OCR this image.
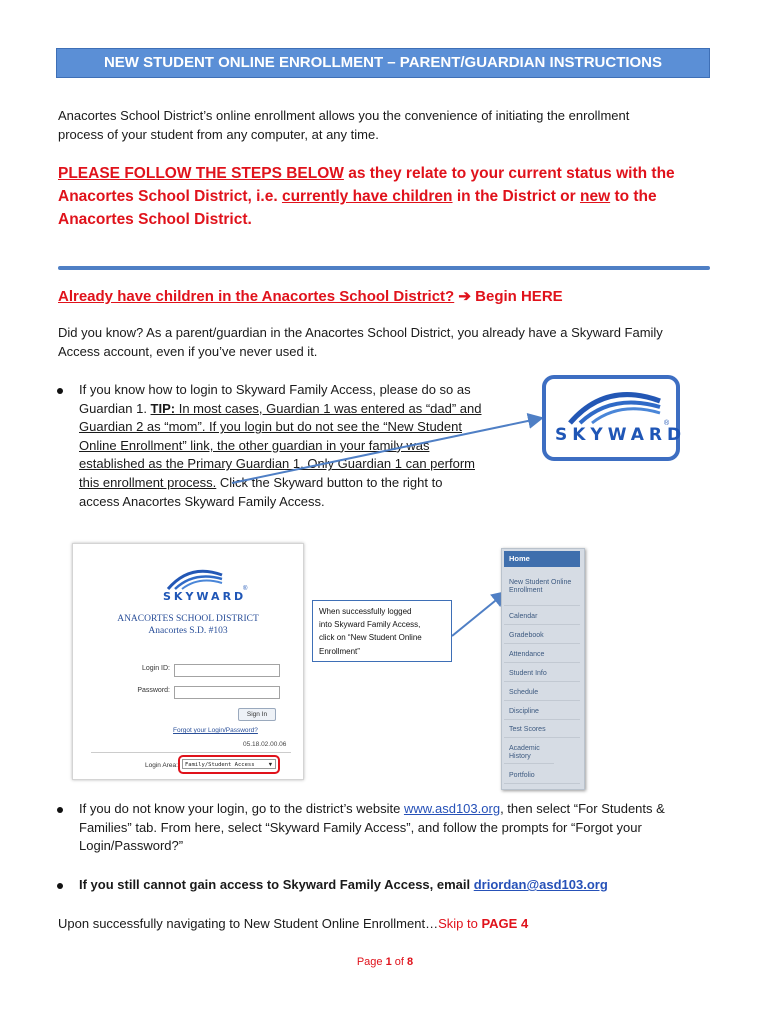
NEW STUDENT ONLINE ENROLLMENT – PARENT/GUARDIAN INSTRUCTIONS
Anacortes School District’s online enrollment allows you the convenience of initiating the enrollment
process of your student from any computer, at any time.
PLEASE FOLLOW THE STEPS BELOW as they relate to your current status with the
Anacortes School District, i.e. currently have children in the District or new to the
Anacortes School District.
Already have children in the Anacortes School District? ➔ Begin HERE
Did you know? As a parent/guardian in the Anacortes School District, you already have a Skyward Family
Access account, even if you’ve never used it.
If you know how to login to Skyward Family Access, please do so as
Guardian 1. TIP: In most cases, Guardian 1 was entered as “dad” and
Guardian 2 as “mom”. If you login but do not see the “New Student
Online Enrollment” link, the other guardian in your family was
established as the Primary Guardian 1. Only Guardian 1 can perform
this enrollment process. Click the Skyward button to the right to
access Anacortes Skyward Family Access.
SKYWARD
®
SKYWARD
®
ANACORTES SCHOOL DISTRICT
Anacortes S.D. #103
Login ID:
Password:
Sign In
Forgot your Login/Password?
05.18.02.00.06
Login Area:	Family/Student Access	▼
When successfully logged
into Skyward Family Access,
click on “New Student Online
Enrollment”
Home
New Student Online Enrollment
Calendar
Gradebook
Attendance
Student Info
Schedule
Discipline
Test Scores
Academic History
Portfolio
If you do not know your login, go to the district’s website www.asd103.org, then select “For Students &
Families” tab. From here, select “Skyward Family Access”, and follow the prompts for “Forgot your
Login/Password?”
If you still cannot gain access to Skyward Family Access, email driordan@asd103.org
Upon successfully navigating to New Student Online Enrollment…Skip to PAGE 4
Page 1 of 8
